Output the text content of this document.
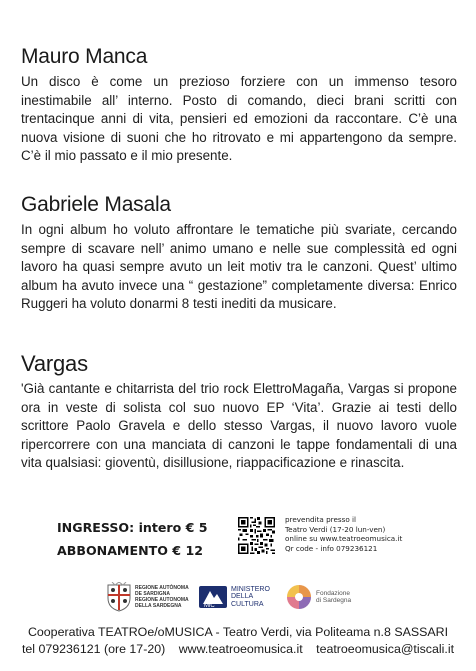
Mauro Manca

Un disco è come un prezioso forziere con un immenso tesoro inestimabile all’ interno. Posto di comando, dieci brani scritti con trentacinque anni di vita, pensieri ed emozioni da raccontare. C’è una nuova visione di suoni che ho ritrovato e mi appartengono da sempre. C’è il mio passato e il mio presente.

Gabriele Masala

In ogni album ho voluto affrontare le tematiche più svariate, cercando sempre di scavare nell’ animo umano e nelle sue complessità ed ogni lavoro ha quasi sempre avuto un leit motiv tra le canzoni. Quest’ ultimo album ha avuto invece una “ gestazione” completamente diversa: Enrico Ruggeri ha voluto donarmi 8 testi inediti da musicare.

Vargas

'Già cantante e chitarrista del trio rock ElettroMagaña, Vargas si propone ora in veste di solista col suo nuovo EP ‘Vita’. Grazie ai testi dello scrittore Paolo Gravela e dello stesso Vargas, il nuovo lavoro vuole ripercorrere con una manciata di canzoni le tappe fondamentali di una vita qualsiasi: gioventù, disillusione, riappacificazione e rinascita.

INGRESSO: intero € 5
ABBONAMENTO € 12
prevendita presso il
Teatro Verdi (17-20 lun-ven)
online su www.teatroeomusica.it
Qr code - info 079236121
REGIONE AUTÒNOMA
DE SARDIGNA
REGIONE AUTONOMA
DELLA SARDEGNA	MiC
MINISTERO
DELLA
CULTURA
Fondazione
di Sardegna
Cooperativa TEATROe/oMUSICA - Teatro Verdi, via Politeama n.8 SASSARI
tel 079236121 (ore 17-20) www.teatroeomusica.it teatroeomusica@tiscali.it
